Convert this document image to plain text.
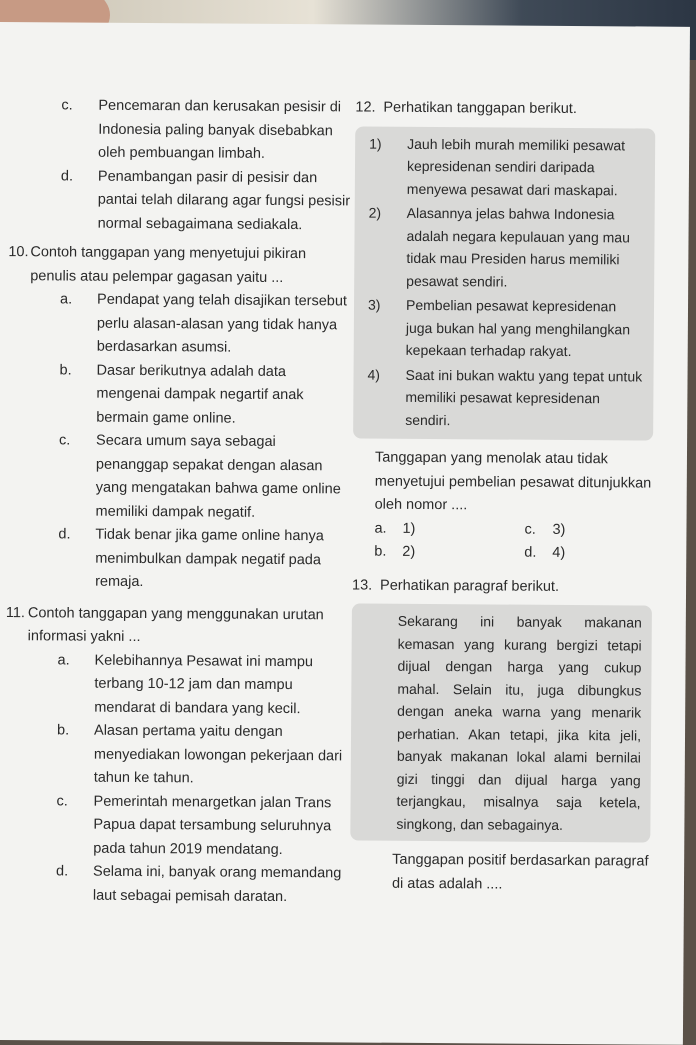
c. Pencemaran dan kerusakan pesisir di Indonesia paling banyak disebabkan oleh pembuangan limbah.
d. Penambangan pasir di pesisir dan pantai telah dilarang agar fungsi pesisir normal sebagaimana sediakala.
10. Contoh tanggapan yang menyetujui pikiran penulis atau pelempar gagasan yaitu ...
a. Pendapat yang telah disajikan tersebut perlu alasan-alasan yang tidak hanya berdasarkan asumsi.
b. Dasar berikutnya adalah data mengenai dampak negartif anak bermain game online.
c. Secara umum saya sebagai penanggap sepakat dengan alasan yang mengatakan bahwa game online memiliki dampak negatif.
d. Tidak benar jika game online hanya menimbulkan dampak negatif pada remaja.
11. Contoh tanggapan yang menggunakan urutan informasi yakni ...
a. Kelebihannya Pesawat ini mampu terbang 10-12 jam dan mampu mendarat di bandara yang kecil.
b. Alasan pertama yaitu dengan menyediakan lowongan pekerjaan dari tahun ke tahun.
c. Pemerintah menargetkan jalan Trans Papua dapat tersambung seluruhnya pada tahun 2019 mendatang.
d. Selama ini, banyak orang memandang laut sebagai pemisah daratan.
12. Perhatikan tanggapan berikut.
1) Jauh lebih murah memiliki pesawat kepresidenan sendiri daripada menyewa pesawat dari maskapai.
2) Alasannya jelas bahwa Indonesia adalah negara kepulauan yang mau tidak mau Presiden harus memiliki pesawat sendiri.
3) Pembelian pesawat kepresidenan juga bukan hal yang menghilangkan kepekaan terhadap rakyat.
4) Saat ini bukan waktu yang tepat untuk memiliki pesawat kepresidenan sendiri.
Tanggapan yang menolak atau tidak menyetujui pembelian pesawat ditunjukkan oleh nomor ....
a. 1)	c. 3)
b. 2)	d. 4)
13. Perhatikan paragraf berikut.
Sekarang ini banyak makanan kemasan yang kurang bergizi tetapi dijual dengan harga yang cukup mahal. Selain itu, juga dibungkus dengan aneka warna yang menarik perhatian. Akan tetapi, jika kita jeli, banyak makanan lokal alami bernilai gizi tinggi dan dijual harga yang terjangkau, misalnya saja ketela, singkong, dan sebagainya.
Tanggapan positif berdasarkan paragraf di atas adalah ....
